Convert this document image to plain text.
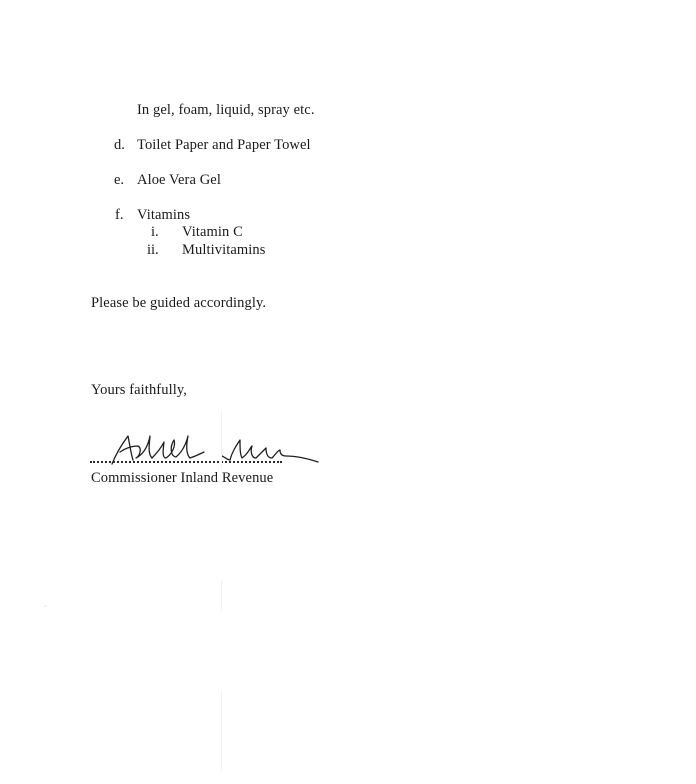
In gel, foam, liquid, spray etc.
d. Toilet Paper and Paper Towel
e. Aloe Vera Gel
f. Vitamins
i. Vitamin C
ii. Multivitamins
Please be guided accordingly.
Yours faithfully,
Commissioner Inland Revenue
